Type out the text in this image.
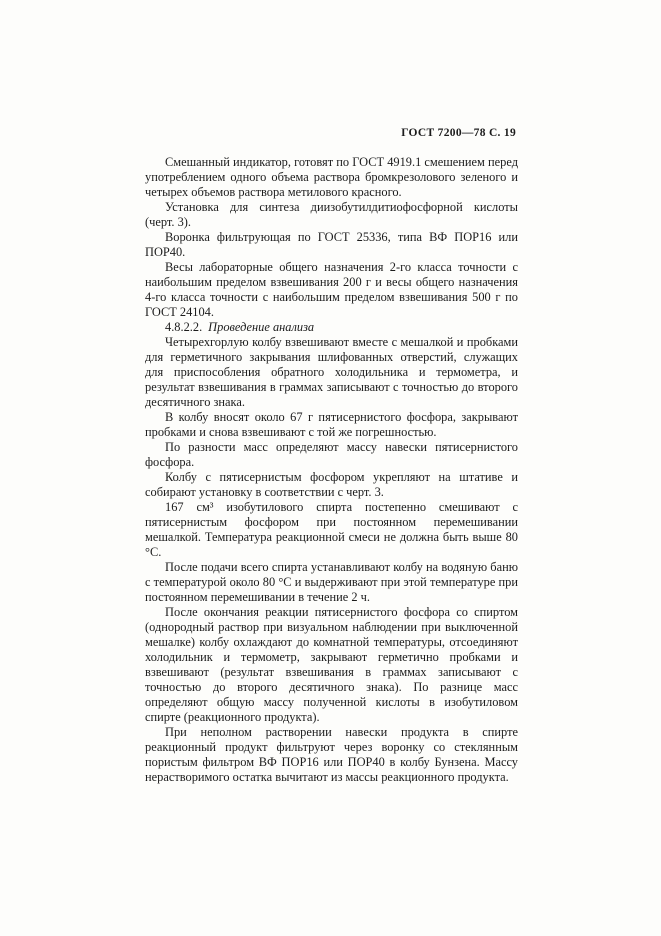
ГОСТ 7200—78 С. 19

Смешанный индикатор, готовят по ГОСТ 4919.1 смешением перед употреблением одного объема раствора бромкрезолового зеленого и четырех объемов раствора метилового красного.

Установка для синтеза диизобутилдитиофосфорной кислоты (черт. 3).

Воронка фильтрующая по ГОСТ 25336, типа ВФ ПОР16 или ПОР40.

Весы лабораторные общего назначения 2-го класса точности с наибольшим пределом взвешивания 200 г и весы общего назначения 4-го класса точности с наибольшим пределом взвешивания 500 г по ГОСТ 24104.

4.8.2.2. Проведение анализа

Четырехгорлую колбу взвешивают вместе с мешалкой и пробками для герметичного закрывания шлифованных отверстий, служащих для приспособления обратного холодильника и термометра, и результат взвешивания в граммах записывают с точностью до второго десятичного знака.

В колбу вносят около 67 г пятисернистого фосфора, закрывают пробками и снова взвешивают с той же погрешностью.

По разности масс определяют массу навески пятисернистого фосфора.

Колбу с пятисернистым фосфором укрепляют на штативе и собирают установку в соответствии с черт. 3.

167 см³ изобутилового спирта постепенно смешивают с пятисернистым фосфором при постоянном перемешивании мешалкой. Температура реакционной смеси не должна быть выше 80 °С.

После подачи всего спирта устанавливают колбу на водяную баню с температурой около 80 °С и выдерживают при этой температуре при постоянном перемешивании в течение 2 ч.

После окончания реакции пятисернистого фосфора со спиртом (однородный раствор при визуальном наблюдении при выключенной мешалке) колбу охлаждают до комнатной температуры, отсоединяют холодильник и термометр, закрывают герметично пробками и взвешивают (результат взвешивания в граммах записывают с точностью до второго десятичного знака). По разнице масс определяют общую массу полученной кислоты в изобутиловом спирте (реакционного продукта).

При неполном растворении навески продукта в спирте реакционный продукт фильтруют через воронку со стеклянным пористым фильтром ВФ ПОР16 или ПОР40 в колбу Бунзена. Массу нерастворимого остатка вычитают из массы реакционного продукта.
